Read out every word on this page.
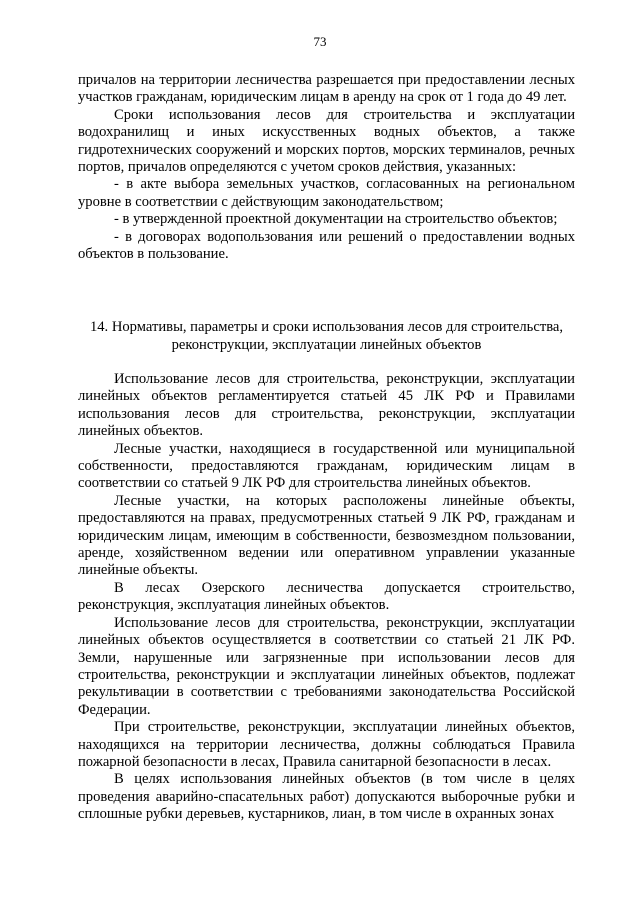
73

причалов на территории лесничества разрешается при предоставлении лесных участков гражданам, юридическим лицам в аренду на срок от 1 года до 49 лет.

Сроки использования лесов для строительства и эксплуатации водохранилищ и иных искусственных водных объектов, а также гидротехнических сооружений и морских портов, морских терминалов, речных портов, причалов определяются с учетом сроков действия, указанных:

- в акте выбора земельных участков, согласованных на региональном уровне в соответствии с действующим законодательством;

- в утвержденной проектной документации на строительство объектов;

- в договорах водопользования или решений о предоставлении водных объектов в пользование.

14. Нормативы, параметры и сроки использования лесов для строительства,
реконструкции, эксплуатации линейных объектов

Использование лесов для строительства, реконструкции, эксплуатации линейных объектов регламентируется статьей 45 ЛК РФ и Правилами использования лесов для строительства, реконструкции, эксплуатации линейных объектов.

Лесные участки, находящиеся в государственной или муниципальной собственности, предоставляются гражданам, юридическим лицам в соответствии со статьей 9 ЛК РФ для строительства линейных объектов.

Лесные участки, на которых расположены линейные объекты, предоставляются на правах, предусмотренных статьей 9 ЛК РФ, гражданам и юридическим лицам, имеющим в собственности, безвозмездном пользовании, аренде, хозяйственном ведении или оперативном управлении указанные линейные объекты.

В лесах Озерского лесничества допускается строительство, реконструкция, эксплуатация линейных объектов.

Использование лесов для строительства, реконструкции, эксплуатации линейных объектов осуществляется в соответствии со статьей 21 ЛК РФ. Земли, нарушенные или загрязненные при использовании лесов для строительства, реконструкции и эксплуатации линейных объектов, подлежат рекультивации в соответствии с требованиями законодательства Российской Федерации.

При строительстве, реконструкции, эксплуатации линейных объектов, находящихся на территории лесничества, должны соблюдаться Правила пожарной безопасности в лесах, Правила санитарной безопасности в лесах.

В целях использования линейных объектов (в том числе в целях проведения аварийно-спасательных работ) допускаются выборочные рубки и сплошные рубки деревьев, кустарников, лиан, в том числе в охранных зонах
